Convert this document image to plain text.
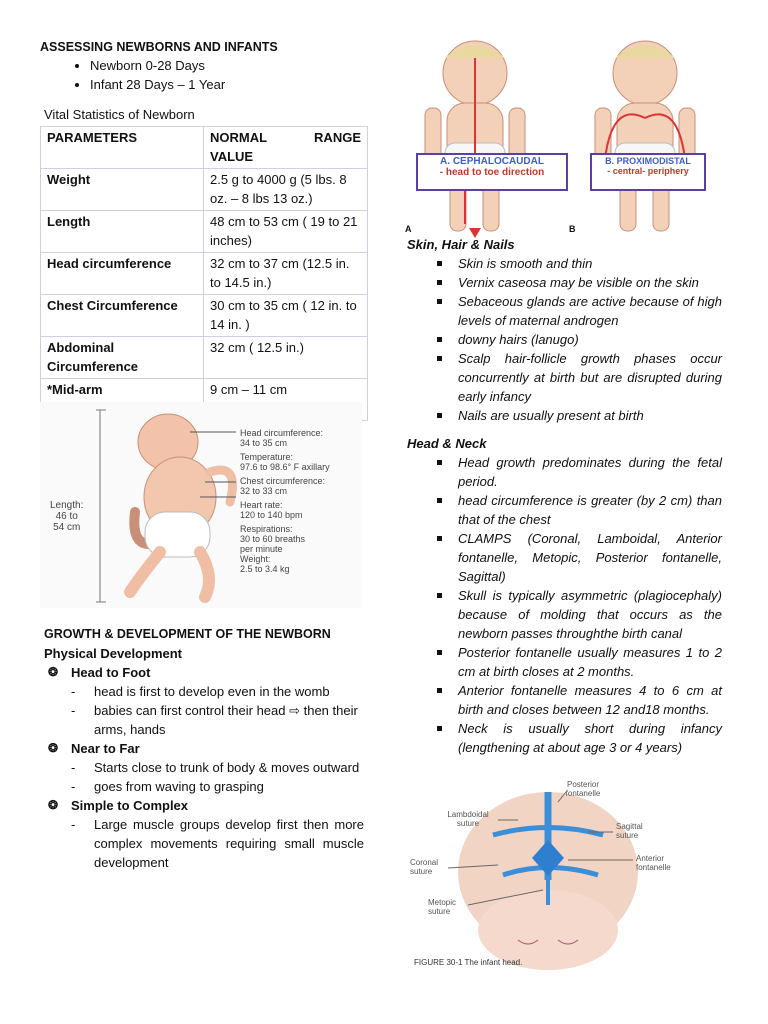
ASSESSING NEWBORNS AND INFANTS

• Newborn 0-28 Days
• Infant 28 Days – 1 Year

Vital Statistics of Newborn

PARAMETERS	NORMAL RANGE
VALUE
Weight	2.5 g to 4000 g (5 lbs. 8 oz. – 8 lbs 13 oz.)
Length	48 cm to 53 cm ( 19 to 21 inches)
Head circumference	32 cm to 37 cm (12.5 in. to 14.5 in.)
Chest Circumference	30 cm to 35 cm ( 12 in. to 14 in. )
Abdominal Circumference	32 cm ( 12.5 in.)
*Mid-arm	9 cm – 11 cm
Length:
46 to
54 cm
Head circumference:
34 to 35 cm
Temperature:
97.6 to 98.6° F axillary
Chest circumference:
32 to 33 cm
Heart rate:
120 to 140 bpm
Respirations:
30 to 60 breaths
per minute
Weight:
2.5 to 3.4 kg

GROWTH & DEVELOPMENT OF THE NEWBORN

Physical Development

❂ Head to Foot
- head is first to develop even in the womb
- babies can first control their head ⇨ then their arms, hands
❂ Near to Far
- Starts close to trunk of body & moves outward
- goes from waving to grasping
❂ Simple to Complex
- Large muscle groups develop first then more complex movements requiring small muscle development
A. CEPHALOCAUDAL
- head to toe direction
B. PROXIMODISTAL
- central- periphery
A	B

Skin, Hair & Nails

Skin is smooth and thin
Vernix caseosa may be visible on the skin
Sebaceous glands are active because of high levels of maternal androgen
downy hairs (lanugo)
Scalp hair-follicle growth phases occur concurrently at birth but are disrupted during early infancy
Nails are usually present at birth

Head & Neck

Head growth predominates during the fetal period.
head circumference is greater (by 2 cm) than that of the chest
CLAMPS (Coronal, Lamboidal, Anterior fontanelle, Metopic, Posterior fontanelle, Sagittal)
Skull is typically asymmetric (plagiocephaly) because of molding that occurs as the newborn passes throughthe birth canal
Posterior fontanelle usually measures 1 to 2 cm at birth closes at 2 months.
Anterior fontanelle measures 4 to 6 cm at birth and closes between 12 and18 months.
Neck is usually short during infancy (lengthening at about age 3 or 4 years)
Posterior fontanelle
Lambdoidal suture	Sagittal suture
Coronal suture
Anterior fontanelle
Metopic suture
FIGURE 30-1 The infant head.
